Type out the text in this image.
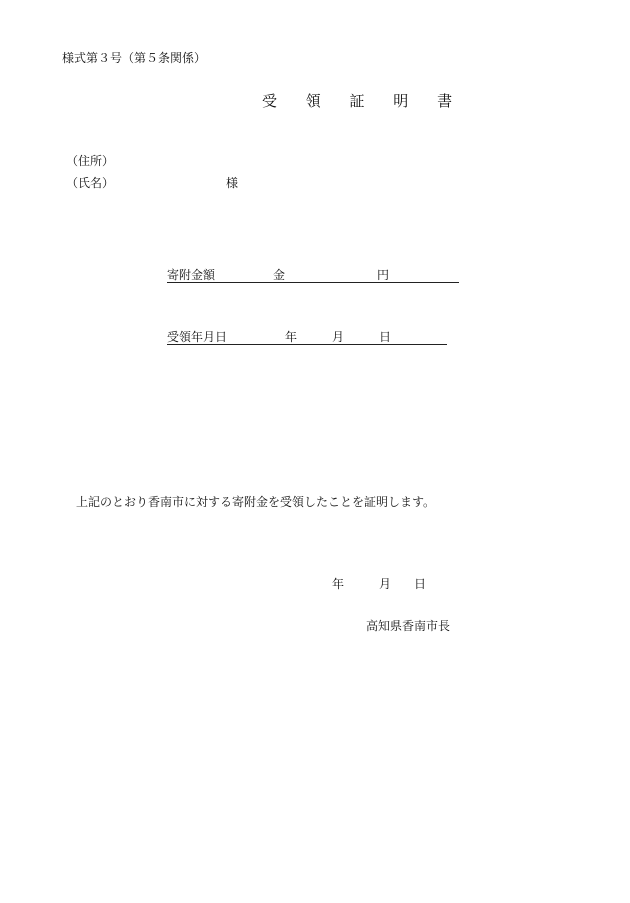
様式第３号（第５条関係）
受 領 証 明 書
（住所）
（氏名）	様
寄附金額	金	円
受領年月日	年	月	日
上記のとおり香南市に対する寄附金を受領したことを証明します。
年	月 日
高知県香南市長
